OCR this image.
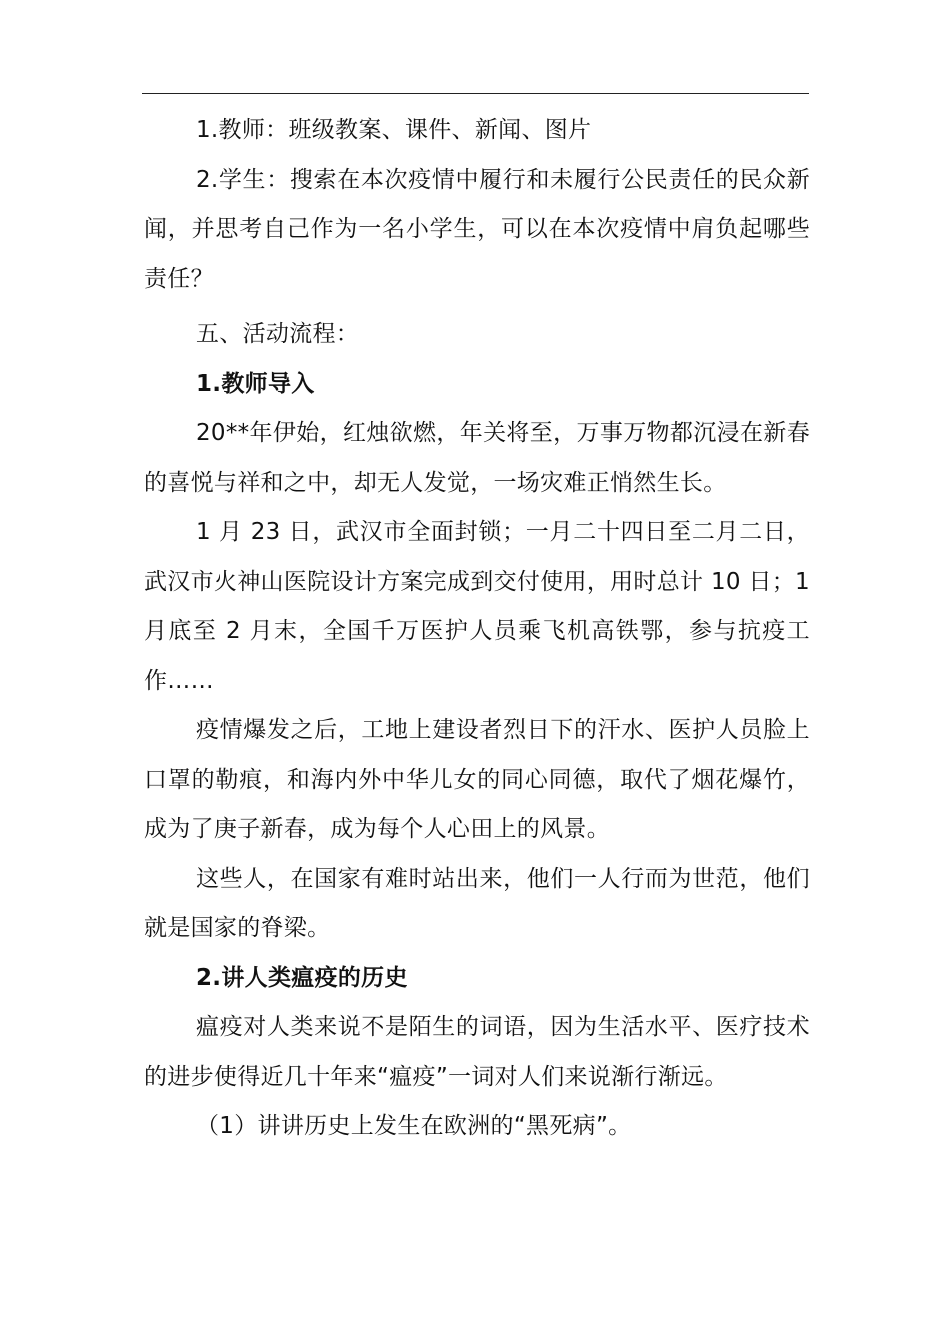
1.教师：班级教案、课件、新闻、图片

2.学生：搜索在本次疫情中履行和未履行公民责任的民众新闻，并思考自己作为一名小学生，可以在本次疫情中肩负起哪些责任？

五、活动流程：

1.教师导入

20**年伊始，红烛欲燃，年关将至，万事万物都沉浸在新春的喜悦与祥和之中，却无人发觉，一场灾难正悄然生长。

1 月 23 日，武汉市全面封锁；一月二十四日至二月二日，武汉市火神山医院设计方案完成到交付使用，用时总计 10 日；1 月底至 2 月末，全国千万医护人员乘飞机高铁鄂，参与抗疫工作……

疫情爆发之后，工地上建设者烈日下的汗水、医护人员脸上口罩的勒痕，和海内外中华儿女的同心同德，取代了烟花爆竹，成为了庚子新春，成为每个人心田上的风景。

这些人，在国家有难时站出来，他们一人行而为世范，他们就是国家的脊梁。

2.讲人类瘟疫的历史

瘟疫对人类来说不是陌生的词语，因为生活水平、医疗技术的进步使得近几十年来“瘟疫”一词对人们来说渐行渐远。

（1）讲讲历史上发生在欧洲的“黑死病”。
